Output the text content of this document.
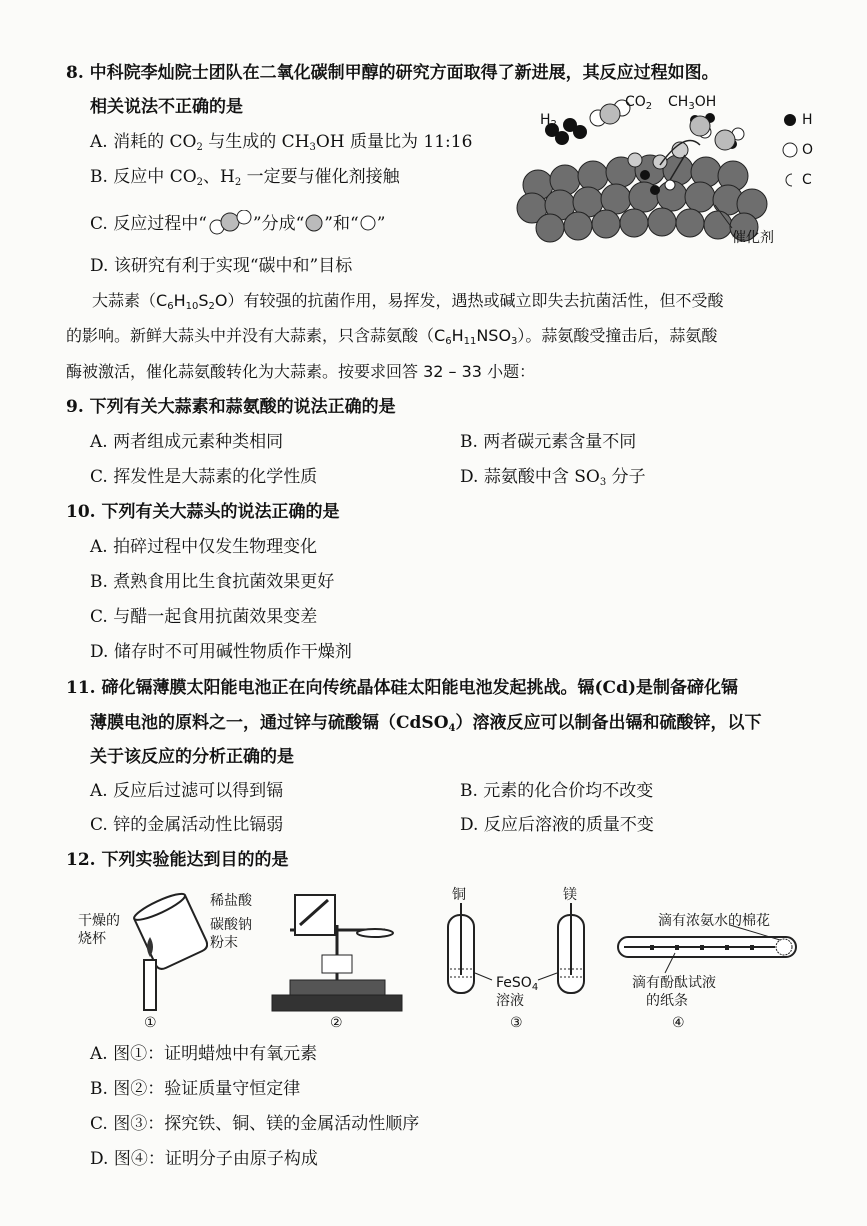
8. 中科院李灿院士团队在二氧化碳制甲醇的研究方面取得了新进展，其反应过程如图。
相关说法不正确的是
A. 消耗的 $CO_2$ 与生成的 $CH_3OH$ 质量比为 11:16
B. 反应中 $CO_2$、$H_2$ 一定要与催化剂接触
C. 反应过程中“	”分成“ ”和“ ”
D. 该研究有利于实现“碳中和”目标
$H_2$
$CO_2$ $CH_3OH$
H
O
C
催化剂
大蒜素$(C_6H_{10}S_2O)$有较强的抗菌作用，易挥发，遇热或碱立即失去抗菌活性，但不受酸
的影响。新鲜大蒜头中并没有大蒜素，只含蒜氨酸$(C_6H_{11}NSO_3)$。蒜氨酸受撞击后，蒜氨酸
酶被激活，催化蒜氨酸转化为大蒜素。按要求回答 32 – 33 小题：
9. 下列有关大蒜素和蒜氨酸的说法正确的是
A. 两者组成元素种类相同	B. 两者碳元素含量不同
C. 挥发性是大蒜素的化学性质	D. 蒜氨酸中含 $SO_3$ 分子
10. 下列有关大蒜头的说法正确的是
A. 拍碎过程中仅发生物理变化
B. 煮熟食用比生食抗菌效果更好
C. 与醋一起食用抗菌效果变差
D. 储存时不可用碱性物质作干燥剂
11. 碲化镉薄膜太阳能电池正在向传统晶体硅太阳能电池发起挑战。镉(Cd)是制备碲化镉
薄膜电池的原料之一，通过锌与硫酸镉（CdSO$_4$）溶液反应可以制备出镉和硫酸锌，以下
关于该反应的分析正确的是
A. 反应后过滤可以得到镉	B. 元素的化合价均不改变
C. 锌的金属活动性比镉弱	D. 反应后溶液的质量不变
12. 下列实验能达到目的的是
干燥的
烧杯
①
稀盐酸
碳酸钠
粉末
②
铜	镁
FeSO$_4$
溶液
③
滴有浓氨水的棉花
滴有酚酞试液
的纸条
④
A. 图①：证明蜡烛中有氧元素
B. 图②：验证质量守恒定律
C. 图③：探究铁、铜、镁的金属活动性顺序
D. 图④：证明分子由原子构成
